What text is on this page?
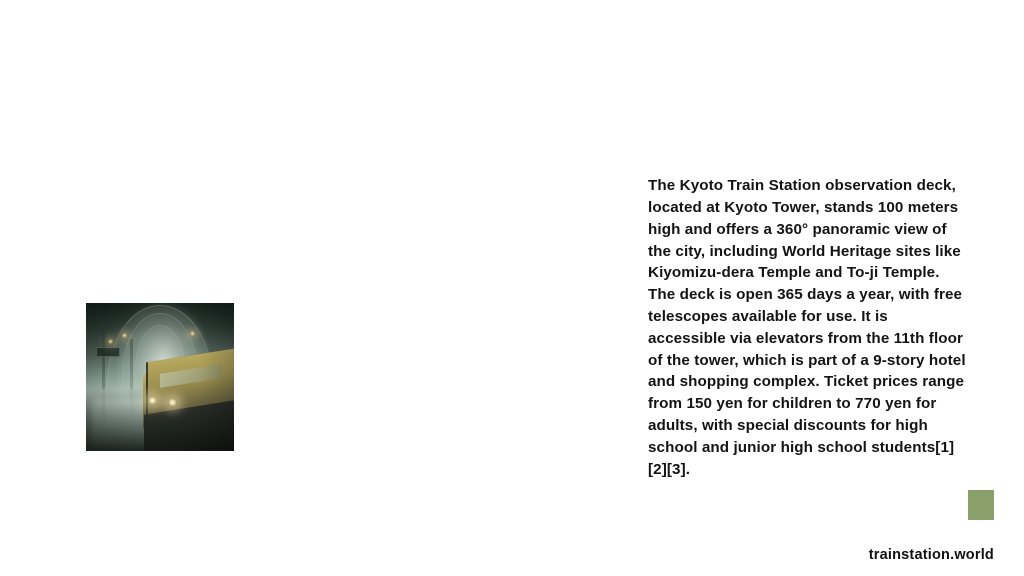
The Kyoto Train Station observation deck, located at Kyoto Tower, stands 100 meters high and offers a 360° panoramic view of the city, including World Heritage sites like Kiyomizu-dera Temple and To-ji Temple. The deck is open 365 days a year, with free telescopes available for use. It is accessible via elevators from the 11th floor of the tower, which is part of a 9-story hotel and shopping complex. Ticket prices range from 150 yen for children to 770 yen for adults, with special discounts for high school and junior high school students[1][2][3].

trainstation.world
